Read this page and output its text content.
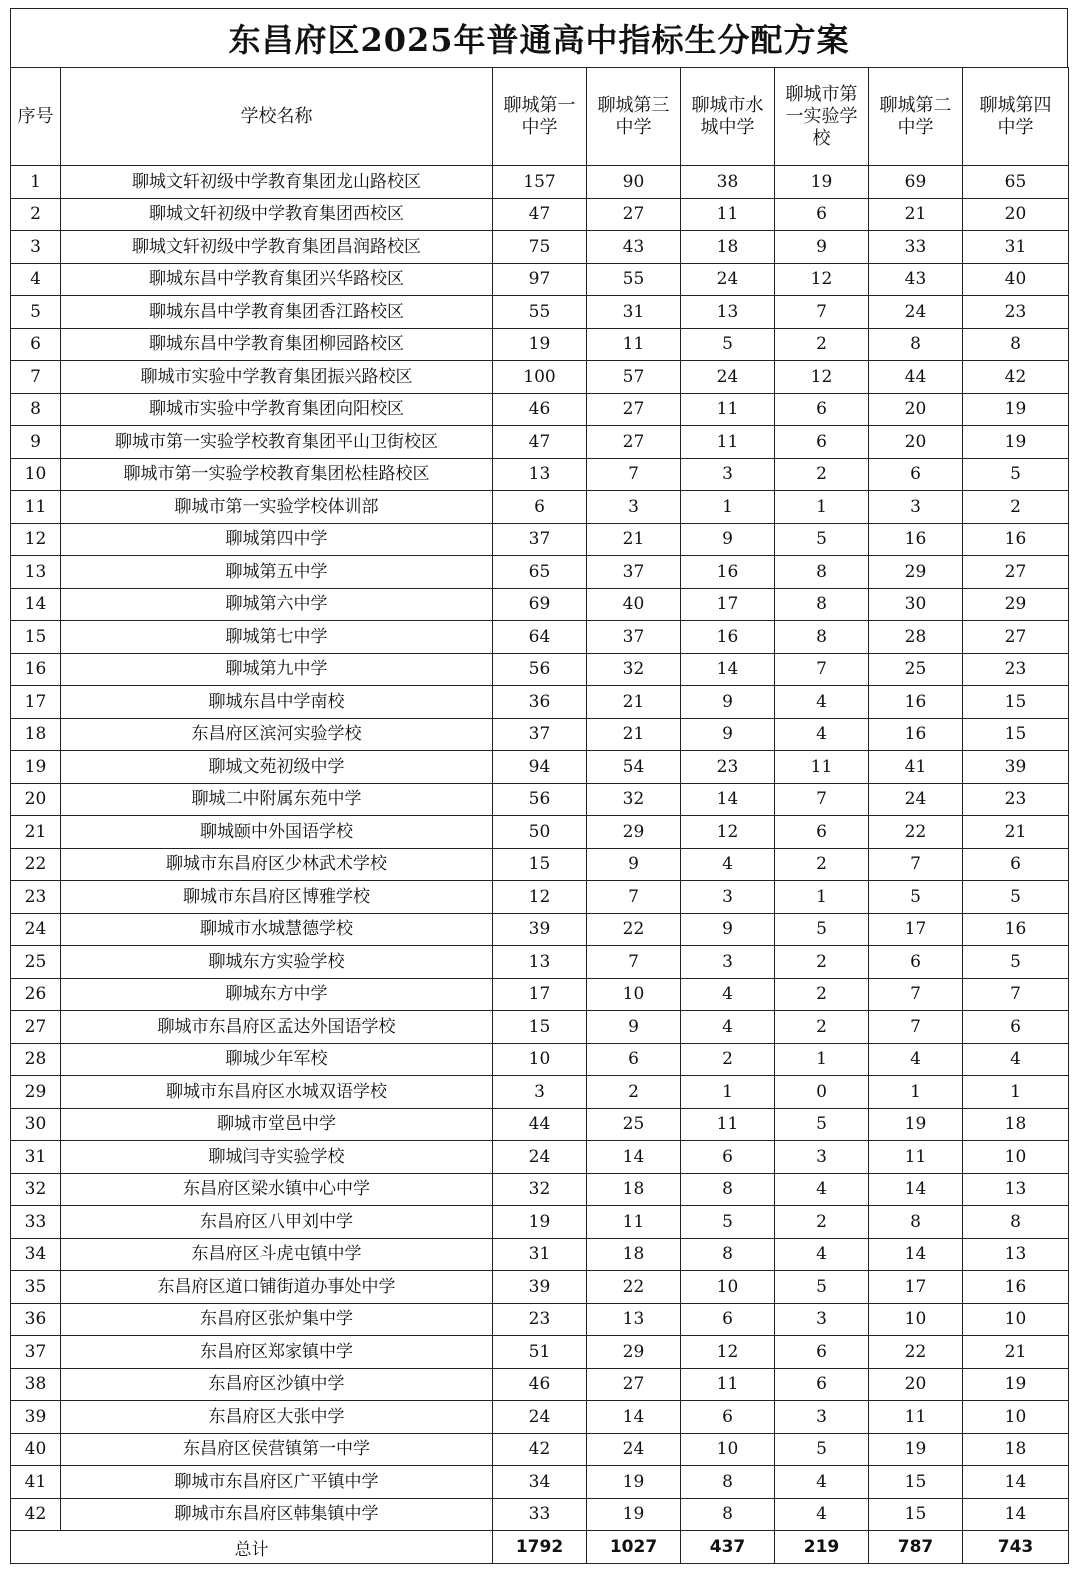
东昌府区2025年普通高中指标生分配方案
序号	学校名称	聊城第一中学	聊城第三中学	聊城市水城中学	聊城市第一实验学校	聊城第二中学	聊城第四中学
1	聊城文轩初级中学教育集团龙山路校区	157	90	38	19	69	65
2	聊城文轩初级中学教育集团西校区	47	27	11	6	21	20
3	聊城文轩初级中学教育集团昌润路校区	75	43	18	9	33	31
4	聊城东昌中学教育集团兴华路校区	97	55	24	12	43	40
5	聊城东昌中学教育集团香江路校区	55	31	13	7	24	23
6	聊城东昌中学教育集团柳园路校区	19	11	5	2	8	8
7	聊城市实验中学教育集团振兴路校区	100	57	24	12	44	42
8	聊城市实验中学教育集团向阳校区	46	27	11	6	20	19
9	聊城市第一实验学校教育集团平山卫街校区	47	27	11	6	20	19
10	聊城市第一实验学校教育集团松桂路校区	13	7	3	2	6	5
11	聊城市第一实验学校体训部	6	3	1	1	3	2
12	聊城第四中学	37	21	9	5	16	16
13	聊城第五中学	65	37	16	8	29	27
14	聊城第六中学	69	40	17	8	30	29
15	聊城第七中学	64	37	16	8	28	27
16	聊城第九中学	56	32	14	7	25	23
17	聊城东昌中学南校	36	21	9	4	16	15
18	东昌府区滨河实验学校	37	21	9	4	16	15
19	聊城文苑初级中学	94	54	23	11	41	39
20	聊城二中附属东苑中学	56	32	14	7	24	23
21	聊城颐中外国语学校	50	29	12	6	22	21
22	聊城市东昌府区少林武术学校	15	9	4	2	7	6
23	聊城市东昌府区博雅学校	12	7	3	1	5	5
24	聊城市水城慧德学校	39	22	9	5	17	16
25	聊城东方实验学校	13	7	3	2	6	5
26	聊城东方中学	17	10	4	2	7	7
27	聊城市东昌府区孟达外国语学校	15	9	4	2	7	6
28	聊城少年军校	10	6	2	1	4	4
29	聊城市东昌府区水城双语学校	3	2	1	0	1	1
30	聊城市堂邑中学	44	25	11	5	19	18
31	聊城闫寺实验学校	24	14	6	3	11	10
32	东昌府区梁水镇中心中学	32	18	8	4	14	13
33	东昌府区八甲刘中学	19	11	5	2	8	8
34	东昌府区斗虎屯镇中学	31	18	8	4	14	13
35	东昌府区道口铺街道办事处中学	39	22	10	5	17	16
36	东昌府区张炉集中学	23	13	6	3	10	10
37	东昌府区郑家镇中学	51	29	12	6	22	21
38	东昌府区沙镇中学	46	27	11	6	20	19
39	东昌府区大张中学	24	14	6	3	11	10
40	东昌府区侯营镇第一中学	42	24	10	5	19	18
41	聊城市东昌府区广平镇中学	34	19	8	4	15	14
42	聊城市东昌府区韩集镇中学	33	19	8	4	15	14
总计		1792	1027	437	219	787	743
